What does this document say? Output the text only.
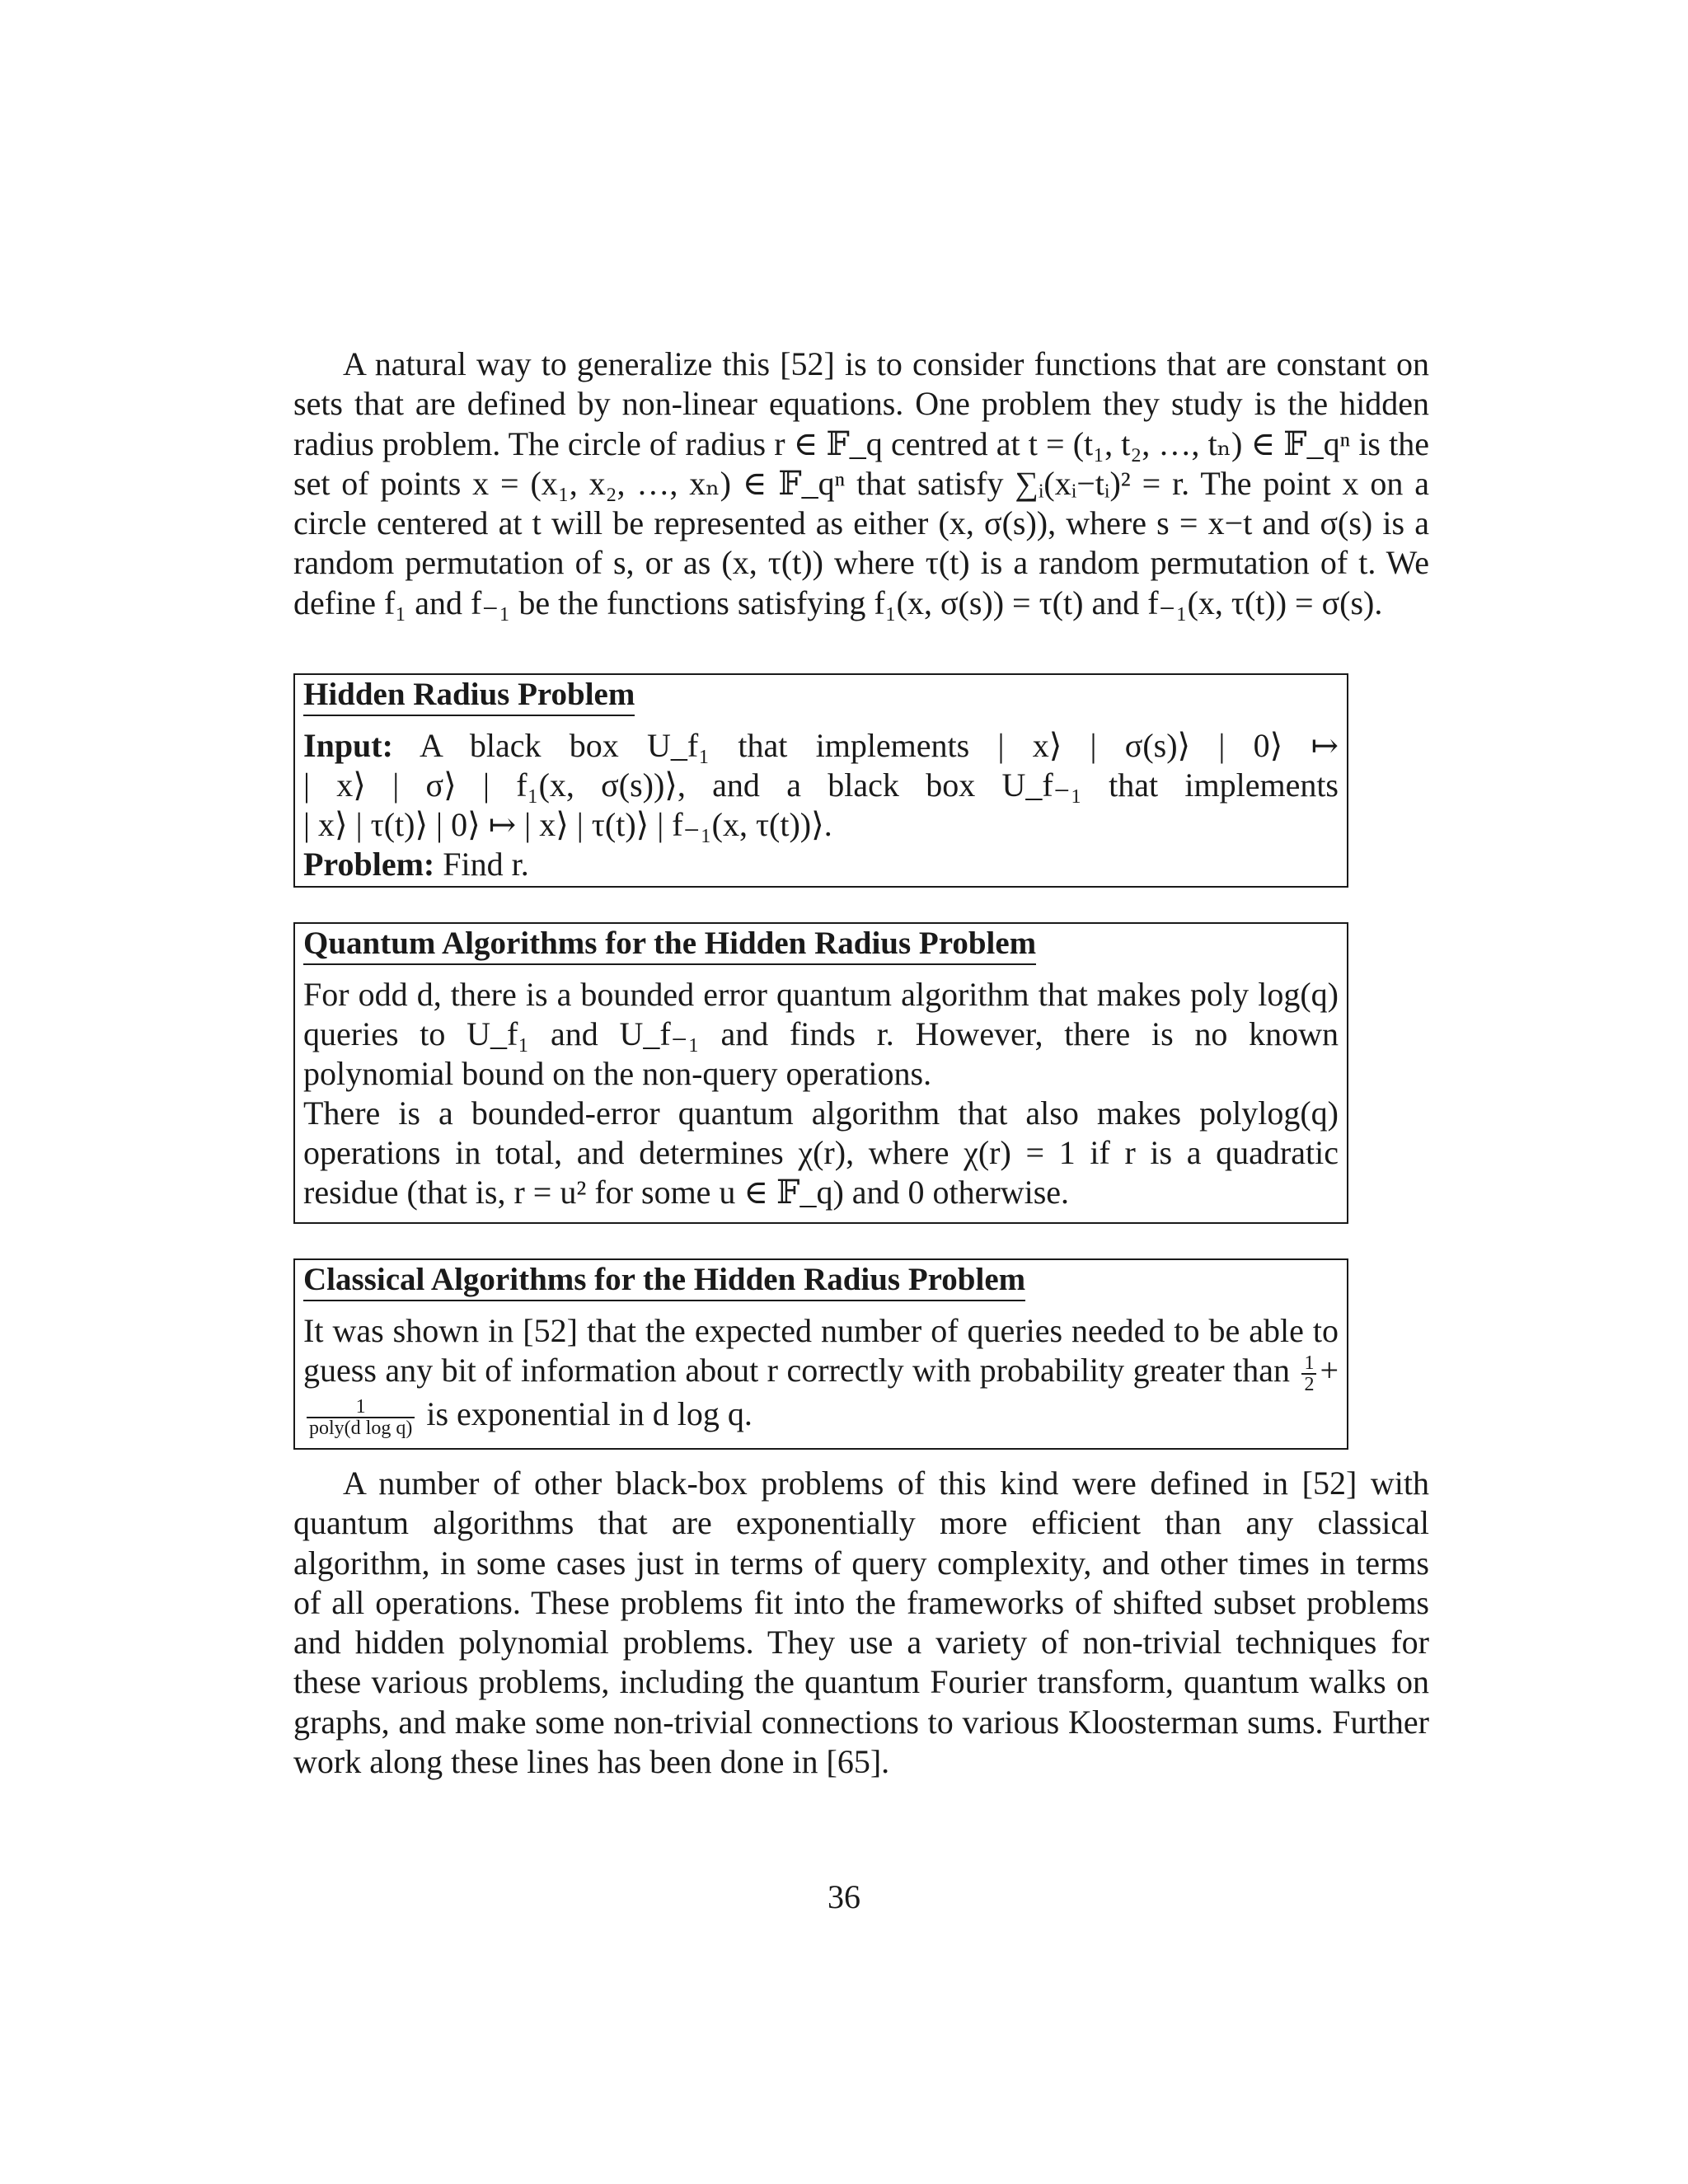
A natural way to generalize this [52] is to consider functions that are constant on sets that are defined by non-linear equations. One problem they study is the hidden radius problem. The circle of radius r ∈ 𝔽_q centred at t = (t₁, t₂, …, tₙ) ∈ 𝔽_qⁿ is the set of points x = (x₁, x₂, …, xₙ) ∈ 𝔽_qⁿ that satisfy ∑ᵢ(xᵢ−tᵢ)² = r. The point x on a circle centered at t will be represented as either (x, σ(s)), where s = x−t and σ(s) is a random permutation of s, or as (x, τ(t)) where τ(t) is a random permutation of t. We define f₁ and f₋₁ be the functions satisfying f₁(x, σ(s)) = τ(t) and f₋₁(x, τ(t)) = σ(s).

Hidden Radius Problem
Input: A black box U_f₁ that implements | x⟩ | σ(s)⟩ | 0⟩ ↦
| x⟩ | σ⟩ | f₁(x, σ(s))⟩, and a black box U_f₋₁ that implements
| x⟩ | τ(t)⟩ | 0⟩ ↦ | x⟩ | τ(t)⟩ | f₋₁(x, τ(t))⟩.
Problem: Find r.
Quantum Algorithms for the Hidden Radius Problem

For odd d, there is a bounded error quantum algorithm that makes poly log(q) queries to U_f₁ and U_f₋₁ and finds r. However, there is no known polynomial bound on the non-query operations.

There is a bounded-error quantum algorithm that also makes polylog(q) operations in total, and determines χ(r), where χ(r) = 1 if r is a quadratic residue (that is, r = u² for some u ∈ 𝔽_q) and 0 otherwise.

Classical Algorithms for the Hidden Radius Problem

It was shown in [52] that the expected number of queries needed to be able to guess any bit of information about r correctly with probability greater than $\frac{1}{2}$ +
$\frac{1}{\text{poly(d log q)}}$ is exponential in d log q.

A number of other black-box problems of this kind were defined in [52] with quantum algorithms that are exponentially more efficient than any classical algorithm, in some cases just in terms of query complexity, and other times in terms of all operations. These problems fit into the frameworks of shifted subset problems and hidden polynomial problems. They use a variety of non-trivial techniques for these various problems, including the quantum Fourier transform, quantum walks on graphs, and make some non-trivial connections to various Kloosterman sums. Further work along these lines has been done in [65].

36
